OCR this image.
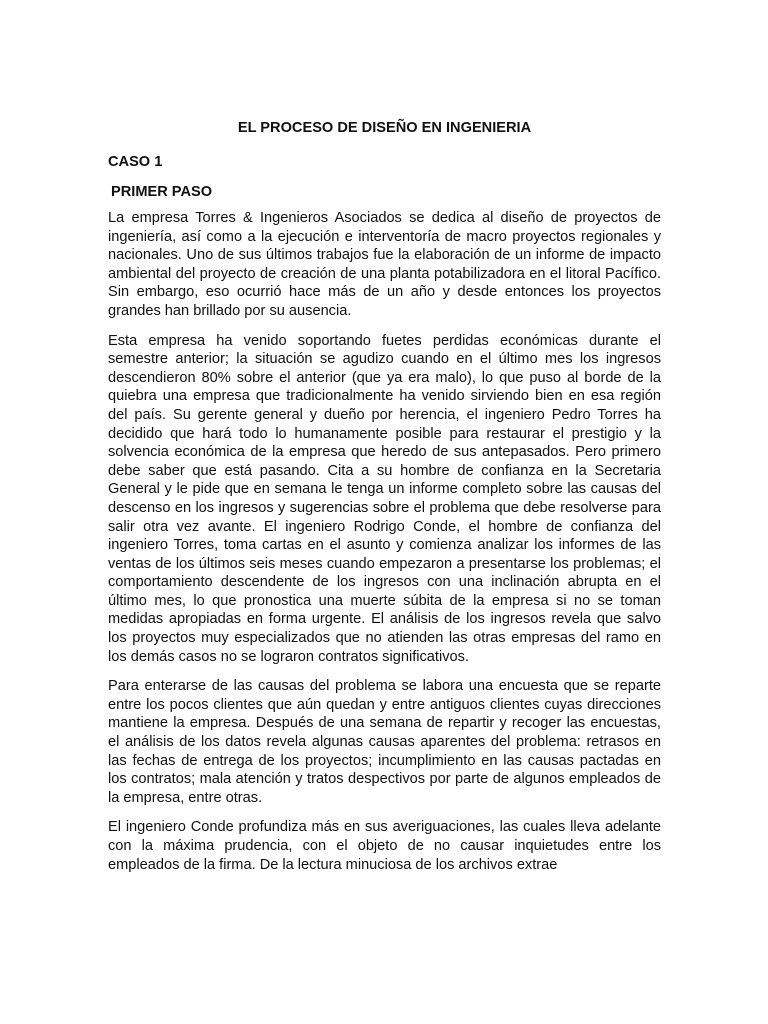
EL PROCESO DE DISEÑO EN INGENIERIA
CASO 1
PRIMER PASO

La empresa Torres & Ingenieros Asociados se dedica al diseño de proyectos de ingeniería, así como a la ejecución e interventoría de macro proyectos regionales y nacionales. Uno de sus últimos trabajos fue la elaboración de un informe de impacto ambiental del proyecto de creación de una planta potabilizadora en el litoral Pacífico. Sin embargo, eso ocurrió hace más de un año y desde entonces los proyectos grandes han brillado por su ausencia.

Esta empresa ha venido soportando fuetes perdidas económicas durante el semestre anterior; la situación se agudizo cuando en el último mes los ingresos descendieron 80% sobre el anterior (que ya era malo), lo que puso al borde de la quiebra una empresa que tradicionalmente ha venido sirviendo bien en esa región del país. Su gerente general y dueño por herencia, el ingeniero Pedro Torres ha decidido que hará todo lo humanamente posible para restaurar el prestigio y la solvencia económica de la empresa que heredo de sus antepasados. Pero primero debe saber que está pasando. Cita a su hombre de confianza en la Secretaria General y le pide que en semana le tenga un informe completo sobre las causas del descenso en los ingresos y sugerencias sobre el problema que debe resolverse para salir otra vez avante. El ingeniero Rodrigo Conde, el hombre de confianza del ingeniero Torres, toma cartas en el asunto y comienza analizar los informes de las ventas de los últimos seis meses cuando empezaron a presentarse los problemas; el comportamiento descendente de los ingresos con una inclinación abrupta en el último mes, lo que pronostica una muerte súbita de la empresa si no se toman medidas apropiadas en forma urgente. El análisis de los ingresos revela que salvo los proyectos muy especializados que no atienden las otras empresas del ramo en los demás casos no se lograron contratos significativos.

Para enterarse de las causas del problema se labora una encuesta que se reparte entre los pocos clientes que aún quedan y entre antiguos clientes cuyas direcciones mantiene la empresa. Después de una semana de repartir y recoger las encuestas, el análisis de los datos revela algunas causas aparentes del problema: retrasos en las fechas de entrega de los proyectos; incumplimiento en las causas pactadas en los contratos; mala atención y tratos despectivos por parte de algunos empleados de la empresa, entre otras.

El ingeniero Conde profundiza más en sus averiguaciones, las cuales lleva adelante con la máxima prudencia, con el objeto de no causar inquietudes entre los empleados de la firma. De la lectura minuciosa de los archivos extrae
